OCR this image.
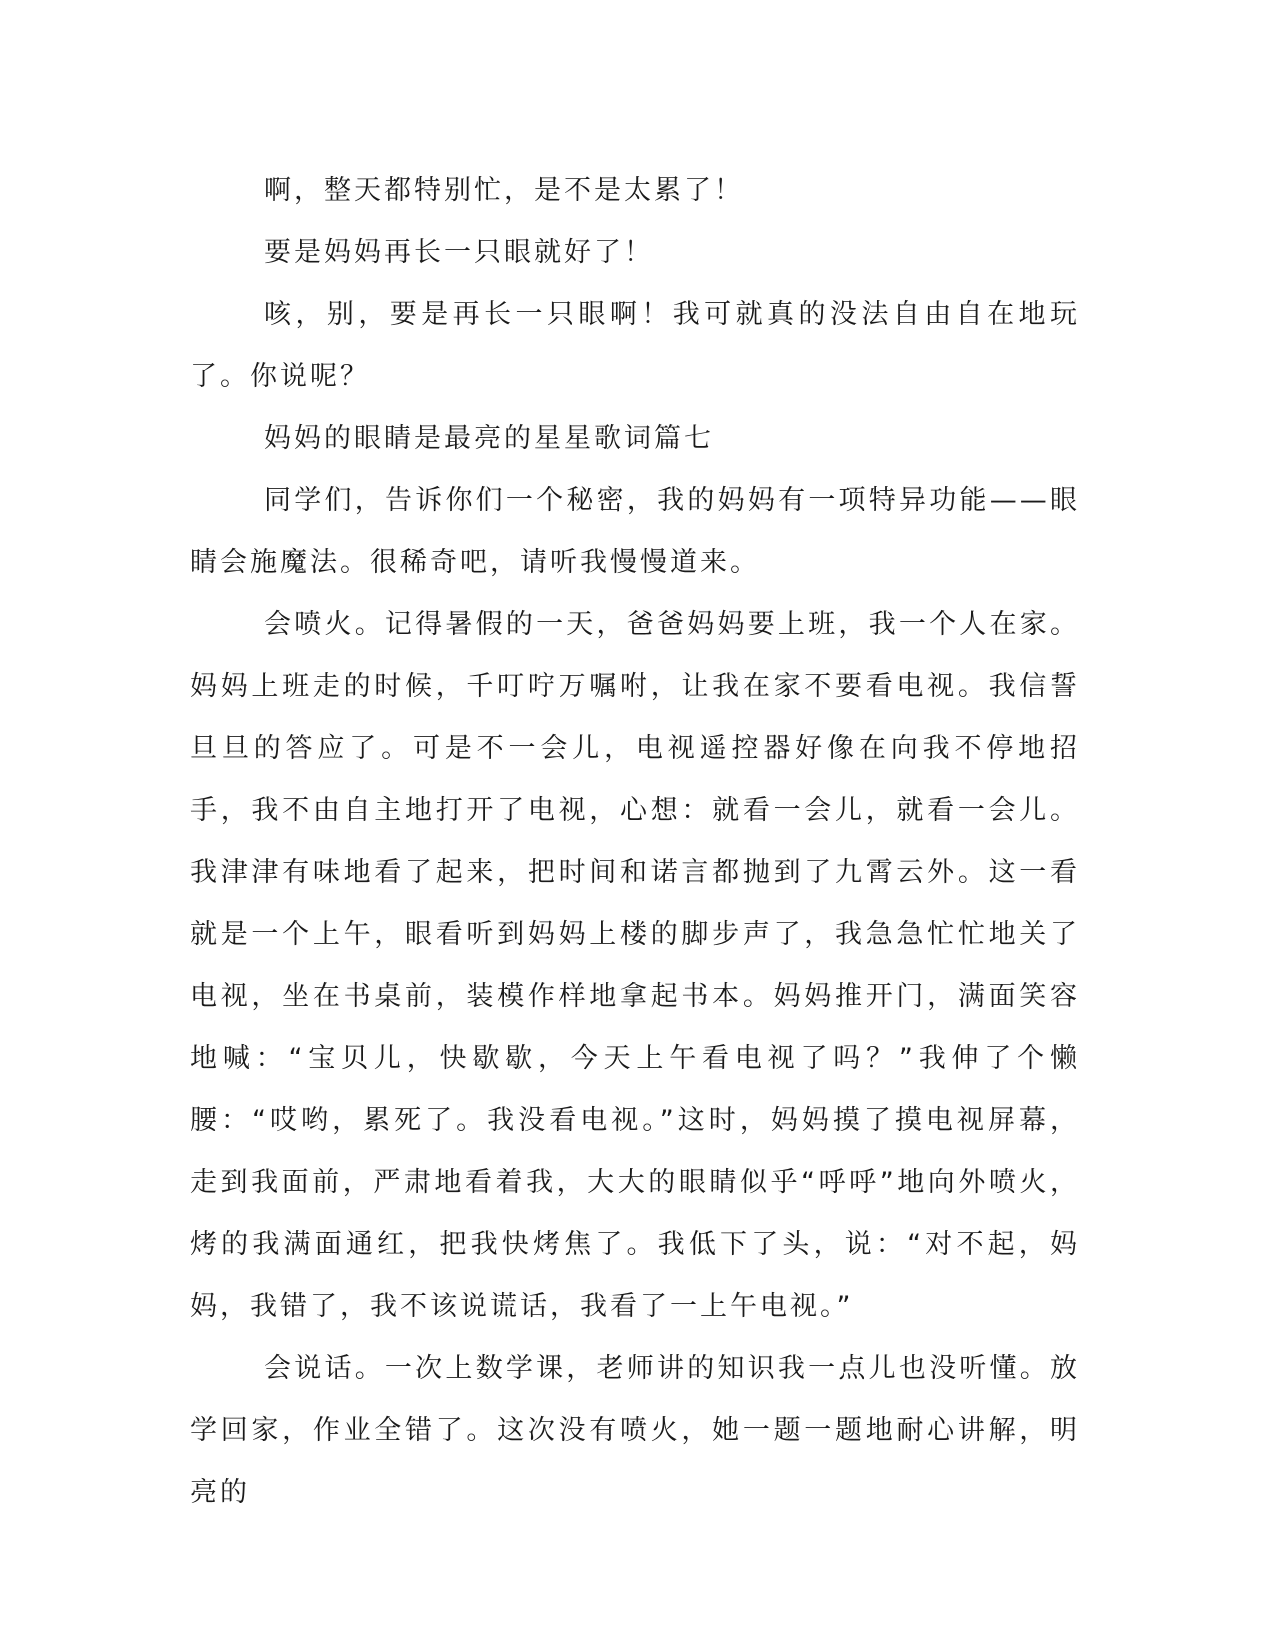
啊，整天都特别忙，是不是太累了！

要是妈妈再长一只眼就好了！

咳，别，要是再长一只眼啊！我可就真的没法自由自在地玩了。你说呢？

妈妈的眼睛是最亮的星星歌词篇七

同学们，告诉你们一个秘密，我的妈妈有一项特异功能——眼睛会施魔法。很稀奇吧，请听我慢慢道来。

会喷火。记得暑假的一天，爸爸妈妈要上班，我一个人在家。妈妈上班走的时候，千叮咛万嘱咐，让我在家不要看电视。我信誓旦旦的答应了。可是不一会儿，电视遥控器好像在向我不停地招手，我不由自主地打开了电视，心想：就看一会儿，就看一会儿。我津津有味地看了起来，把时间和诺言都抛到了九霄云外。这一看就是一个上午，眼看听到妈妈上楼的脚步声了，我急急忙忙地关了电视，坐在书桌前，装模作样地拿起书本。妈妈推开门，满面笑容地喊：“宝贝儿，快歇歇，今天上午看电视了吗？”我伸了个懒腰：“哎哟，累死了。我没看电视。”这时，妈妈摸了摸电视屏幕，走到我面前，严肃地看着我，大大的眼睛似乎“呼呼”地向外喷火，烤的我满面通红，把我快烤焦了。我低下了头，说：“对不起，妈妈，我错了，我不该说谎话，我看了一上午电视。”

会说话。一次上数学课，老师讲的知识我一点儿也没听懂。放学回家，作业全错了。这次没有喷火，她一题一题地耐心讲解，明亮的
